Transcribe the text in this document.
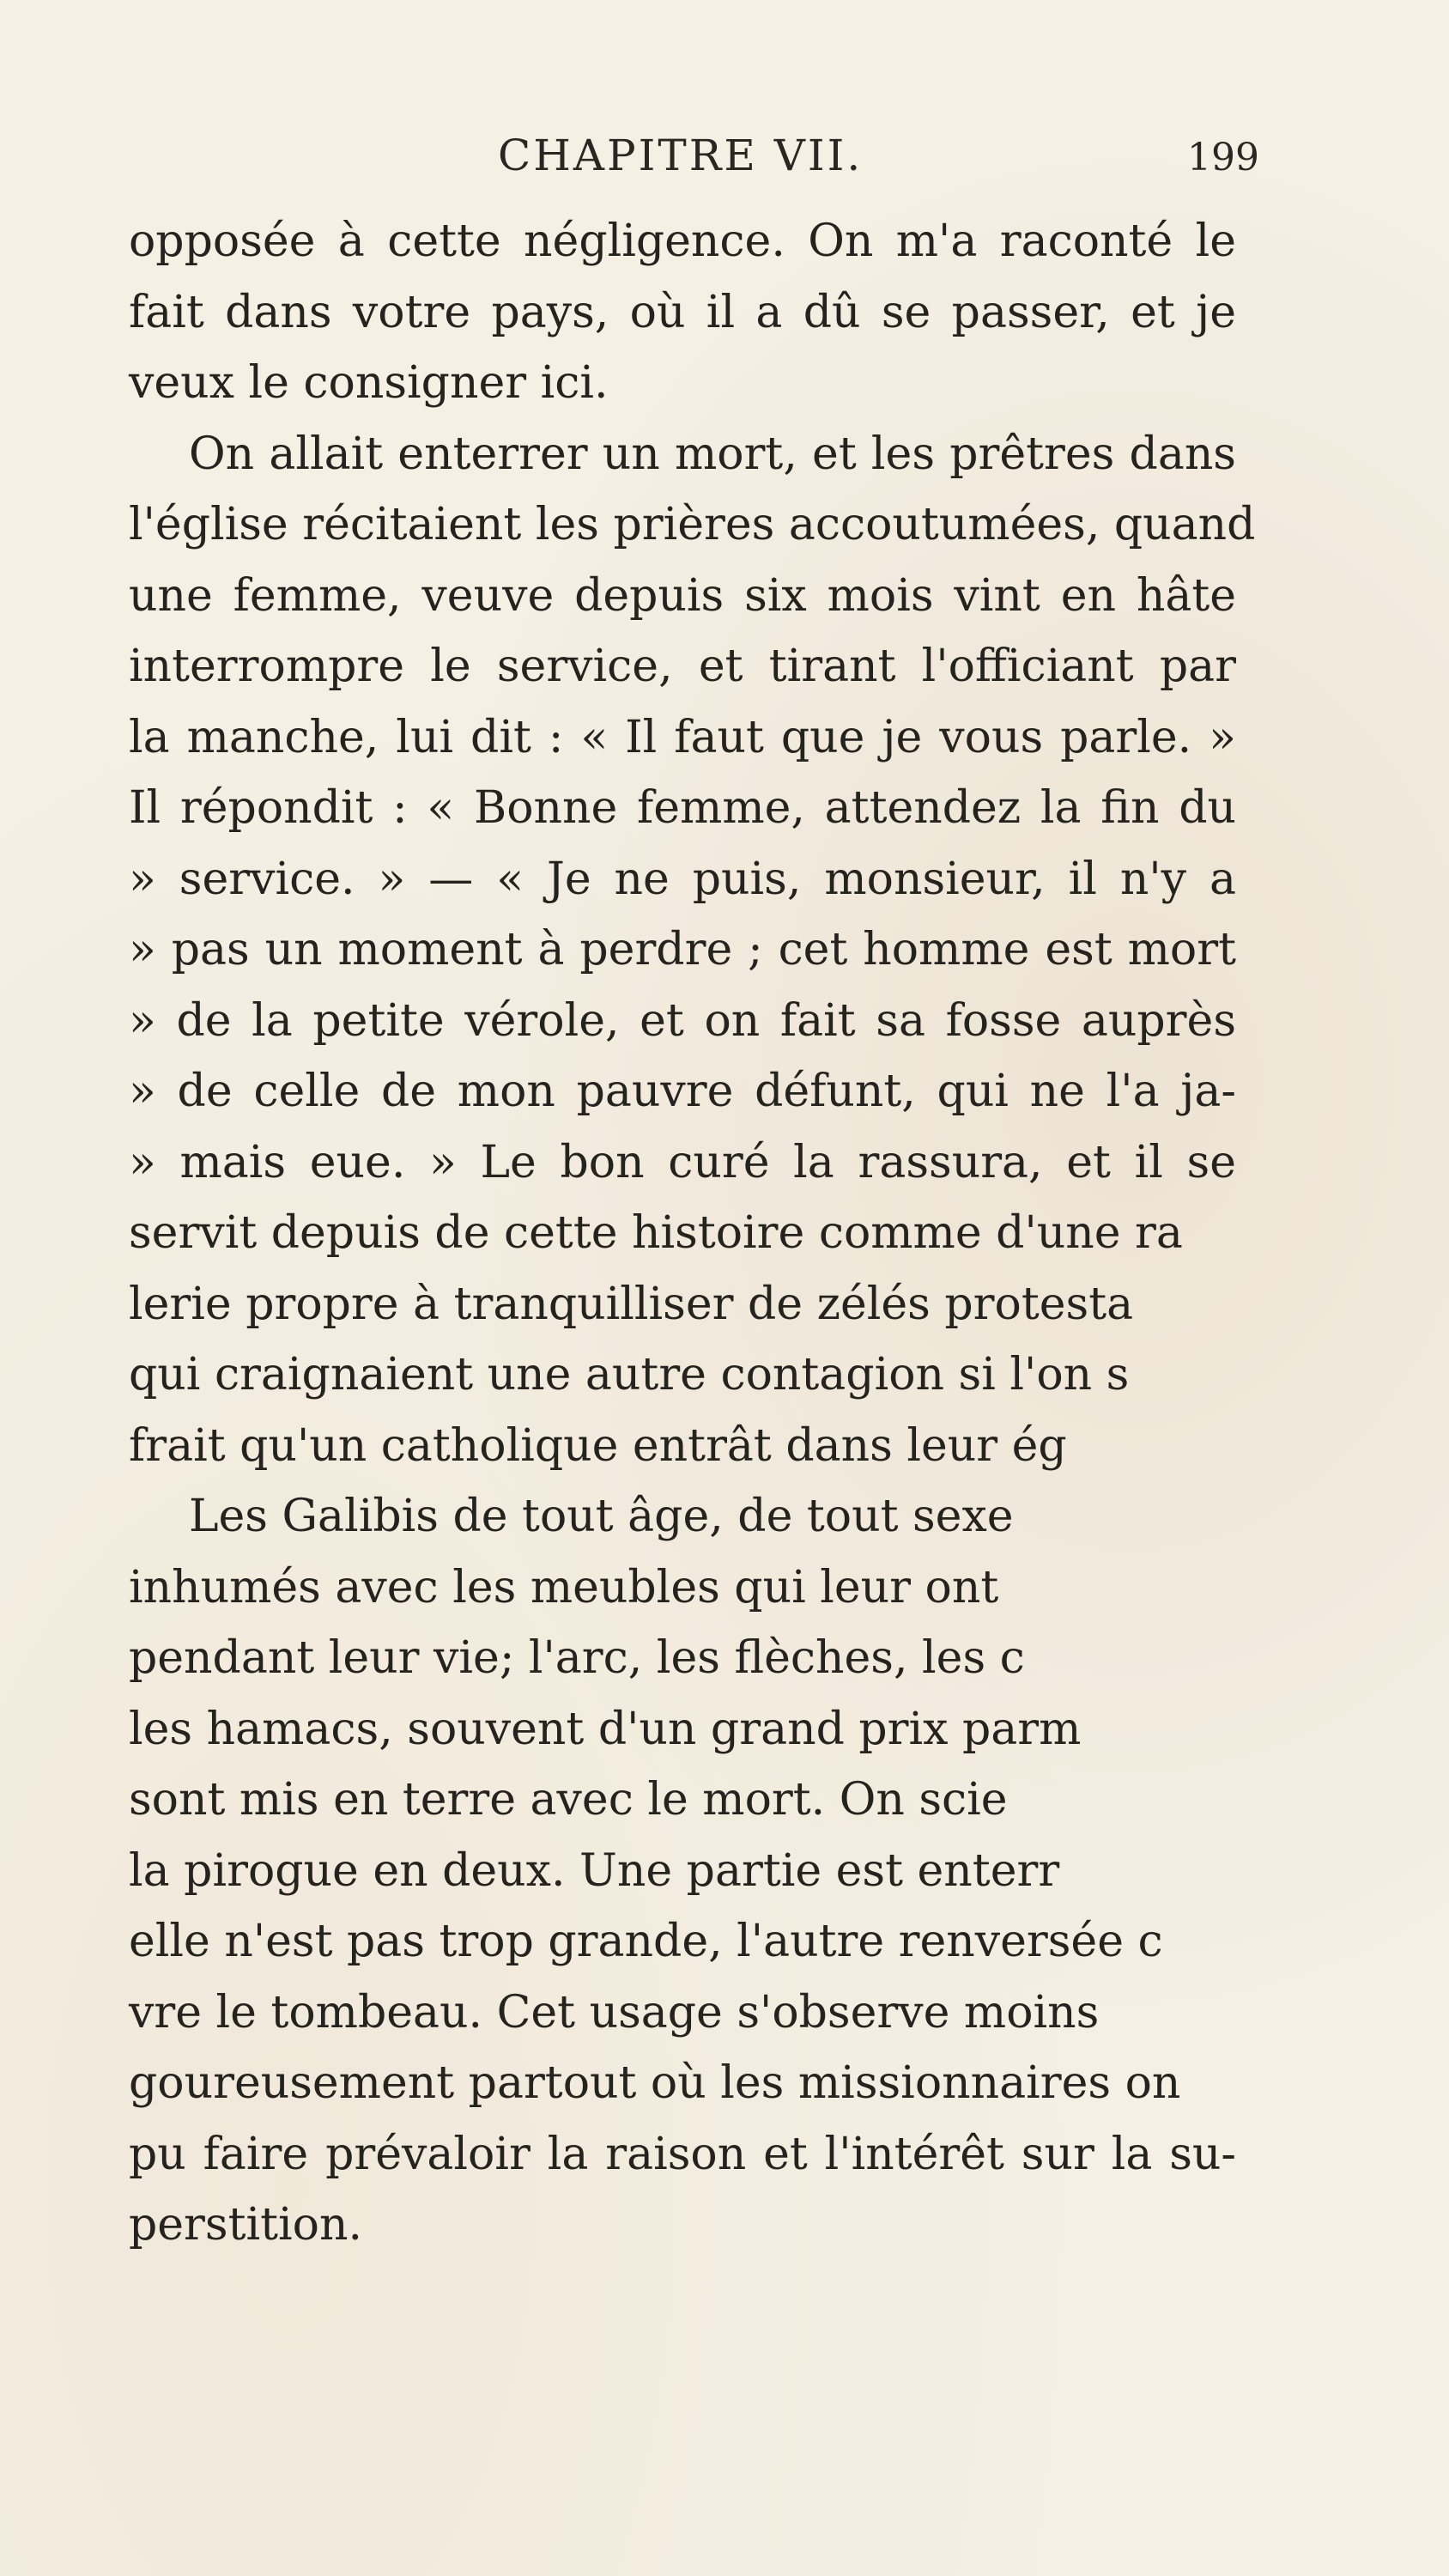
CHAPITRE VII.	199
opposée à cette négligence. On m'a raconté le
fait dans votre pays, où il a dû se passer, et je
veux le consigner ici.
On allait enterrer un mort, et les prêtres dans
l'église récitaient les prières accoutumées, quand
une femme, veuve depuis six mois vint en hâte
interrompre le service, et tirant l'officiant par
la manche, lui dit : « Il faut que je vous parle. »
Il répondit : « Bonne femme, attendez la fin du
» service. » — « Je ne puis, monsieur, il n'y a
» pas un moment à perdre ; cet homme est mort
» de la petite vérole, et on fait sa fosse auprès
» de celle de mon pauvre défunt, qui ne l'a ja-
» mais eue. » Le bon curé la rassura, et il se
servit depuis de cette histoire comme d'une ra
lerie propre à tranquilliser de zélés protesta
qui craignaient une autre contagion si l'on s
frait qu'un catholique entrât dans leur ég
Les Galibis de tout âge, de tout sexe
inhumés avec les meubles qui leur ont
pendant leur vie; l'arc, les flèches, les c
les hamacs, souvent d'un grand prix parm
sont mis en terre avec le mort. On scie
la pirogue en deux. Une partie est enterr
elle n'est pas trop grande, l'autre renversée c
vre le tombeau. Cet usage s'observe moins
goureusement partout où les missionnaires on
pu faire prévaloir la raison et l'intérêt sur la su-
perstition.
